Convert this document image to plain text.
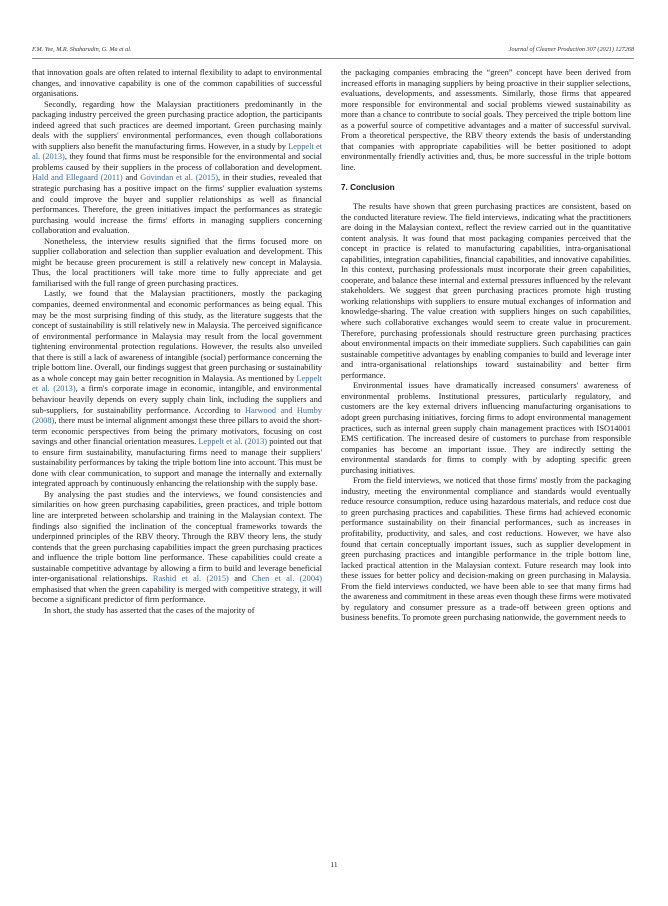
F.M. Yee, M.R. Shaharudin, G. Ma et al.	Journal of Cleaner Production 307 (2021) 127268

that innovation goals are often related to internal flexibility to adapt to environmental changes, and innovative capability is one of the common capabilities of successful organisations.

Secondly, regarding how the Malaysian practitioners predominantly in the packaging industry perceived the green purchasing practice adoption, the participants indeed agreed that such practices are deemed important. Green purchasing mainly deals with the suppliers' environmental performances, even though collaborations with suppliers also benefit the manufacturing firms. However, in a study by Leppelt et al. (2013), they found that firms must be responsible for the environmental and social problems caused by their suppliers in the process of collaboration and development. Hald and Ellegaard (2011) and Govindan et al. (2015), in their studies, revealed that strategic purchasing has a positive impact on the firms' supplier evaluation systems and could improve the buyer and supplier relationships as well as financial performances. Therefore, the green initiatives impact the performances as strategic purchasing would increase the firms' efforts in managing suppliers concerning collaboration and evaluation.

Nonetheless, the interview results signified that the firms focused more on supplier collaboration and selection than supplier evaluation and development. This might be because green procurement is still a relatively new concept in Malaysia. Thus, the local practitioners will take more time to fully appreciate and get familiarised with the full range of green purchasing practices.

Lastly, we found that the Malaysian practitioners, mostly the packaging companies, deemed environmental and economic performances as being equal. This may be the most surprising finding of this study, as the literature suggests that the concept of sustainability is still relatively new in Malaysia. The perceived significance of environmental performance in Malaysia may result from the local government tightening environmental protection regulations. However, the results also unveiled that there is still a lack of awareness of intangible (social) performance concerning the triple bottom line. Overall, our findings suggest that green purchasing or sustainability as a whole concept may gain better recognition in Malaysia. As mentioned by Leppelt et al. (2013), a firm's corporate image in economic, intangible, and environmental behaviour heavily depends on every supply chain link, including the suppliers and sub-suppliers, for sustainability performance. According to Harwood and Humby (2008), there must be internal alignment amongst these three pillars to avoid the short-term economic perspectives from being the primary motivators, focusing on cost savings and other financial orientation measures. Leppelt et al. (2013) pointed out that to ensure firm sustainability, manufacturing firms need to manage their suppliers' sustainability performances by taking the triple bottom line into account. This must be done with clear communication, to support and manage the internally and externally integrated approach by continuously enhancing the relationship with the supply base.

By analysing the past studies and the interviews, we found consistencies and similarities on how green purchasing capabilities, green practices, and triple bottom line are interpreted between scholarship and training in the Malaysian context. The findings also signified the inclination of the conceptual frameworks towards the underpinned principles of the RBV theory. Through the RBV theory lens, the study contends that the green purchasing capabilities impact the green purchasing practices and influence the triple bottom line performance. These capabilities could create a sustainable competitive advantage by allowing a firm to build and leverage beneficial inter-organisational relationships. Rashid et al. (2015) and Chen et al. (2004) emphasised that when the green capability is merged with competitive strategy, it will become a significant predictor of firm performance.

In short, the study has asserted that the cases of the majority of

the packaging companies embracing the “green” concept have been derived from increased efforts in managing suppliers by being proactive in their supplier selections, evaluations, developments, and assessments. Similarly, those firms that appeared more responsible for environmental and social problems viewed sustainability as more than a chance to contribute to social goals. They perceived the triple bottom line as a powerful source of competitive advantages and a matter of successful survival. From a theoretical perspective, the RBV theory extends the basis of understanding that companies with appropriate capabilities will be better positioned to adopt environmentally friendly activities and, thus, be more successful in the triple bottom line.

7. Conclusion

The results have shown that green purchasing practices are consistent, based on the conducted literature review. The field interviews, indicating what the practitioners are doing in the Malaysian context, reflect the review carried out in the quantitative content analysis. It was found that most packaging companies perceived that the concept in practice is related to manufacturing capabilities, intra-organisational capabilities, integration capabilities, financial capabilities, and innovative capabilities. In this context, purchasing professionals must incorporate their green capabilities, cooperate, and balance these internal and external pressures influenced by the relevant stakeholders. We suggest that green purchasing practices promote high trusting working relationships with suppliers to ensure mutual exchanges of information and knowledge-sharing. The value creation with suppliers hinges on such capabilities, where such collaborative exchanges would seem to create value in procurement. Therefore, purchasing professionals should restructure green purchasing practices about environmental impacts on their immediate suppliers. Such capabilities can gain sustainable competitive advantages by enabling companies to build and leverage inter and intra-organisational relationships toward sustainability and better firm performance.

Environmental issues have dramatically increased consumers' awareness of environmental problems. Institutional pressures, particularly regulatory, and customers are the key external drivers influencing manufacturing organisations to adopt green purchasing initiatives, forcing firms to adopt environmental management practices, such as internal green supply chain management practices with ISO14001 EMS certification. The increased desire of customers to purchase from responsible companies has become an important issue. They are indirectly setting the environmental standards for firms to comply with by adopting specific green purchasing initiatives.

From the field interviews, we noticed that those firms' mostly from the packaging industry, meeting the environmental compliance and standards would eventually reduce resource consumption, reduce using hazardous materials, and reduce cost due to green purchasing practices and capabilities. These firms had achieved economic performance sustainability on their financial performances, such as increases in profitability, productivity, and sales, and cost reductions. However, we have also found that certain conceptually important issues, such as supplier development in green purchasing practices and intangible performance in the triple bottom line, lacked practical attention in the Malaysian context. Future research may look into these issues for better policy and decision-making on green purchasing in Malaysia. From the field interviews conducted, we have been able to see that many firms had the awareness and commitment in these areas even though these firms were motivated by regulatory and consumer pressure as a trade-off between green options and business benefits. To promote green purchasing nationwide, the government needs to

11
